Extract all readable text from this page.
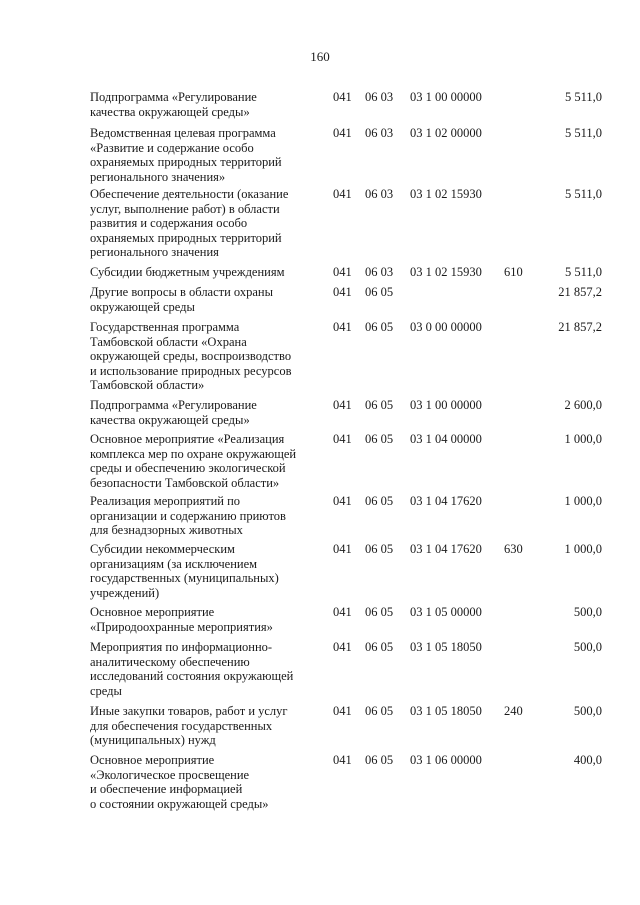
160
Подпрограмма «Регулирование
качества окружающей среды»
041 06 03 03 1 00 00000	5 511,0
Ведомственная целевая программа
«Развитие и содержание особо
охраняемых природных территорий
регионального значения»
041 06 03 03 1 02 00000	5 511,0
Обеспечение деятельности (оказание
услуг, выполнение работ) в области
развития и содержания особо
охраняемых природных территорий
регионального значения
041 06 03 03 1 02 15930	5 511,0
Субсидии бюджетным учреждениям	041 06 03 03 1 02 15930 610	5 511,0
Другие вопросы в области охраны
окружающей среды
041 06 05	21 857,2
Государственная программа
Тамбовской области «Охрана
окружающей среды, воспроизводство
и использование природных ресурсов
Тамбовской области»
041 06 05 03 0 00 00000	21 857,2
Подпрограмма «Регулирование
качества окружающей среды»
041 06 05 03 1 00 00000	2 600,0
Основное мероприятие «Реализация
комплекса мер по охране окружающей
среды и обеспечению экологической
безопасности Тамбовской области»
041 06 05 03 1 04 00000	1 000,0
Реализация мероприятий по
организации и содержанию приютов
для безнадзорных животных
041 06 05 03 1 04 17620	1 000,0
Субсидии некоммерческим
организациям (за исключением
государственных (муниципальных)
учреждений)
041 06 05 03 1 04 17620 630	1 000,0
Основное мероприятие
«Природоохранные мероприятия»
041 06 05 03 1 05 00000	500,0
Мероприятия по информационно-
аналитическому обеспечению
исследований состояния окружающей
среды
041 06 05 03 1 05 18050	500,0
Иные закупки товаров, работ и услуг
для обеспечения государственных
(муниципальных) нужд
041 06 05 03 1 05 18050 240	500,0
Основное мероприятие
«Экологическое просвещение
и обеспечение информацией
о состоянии окружающей среды»
041 06 05 03 1 06 00000	400,0
